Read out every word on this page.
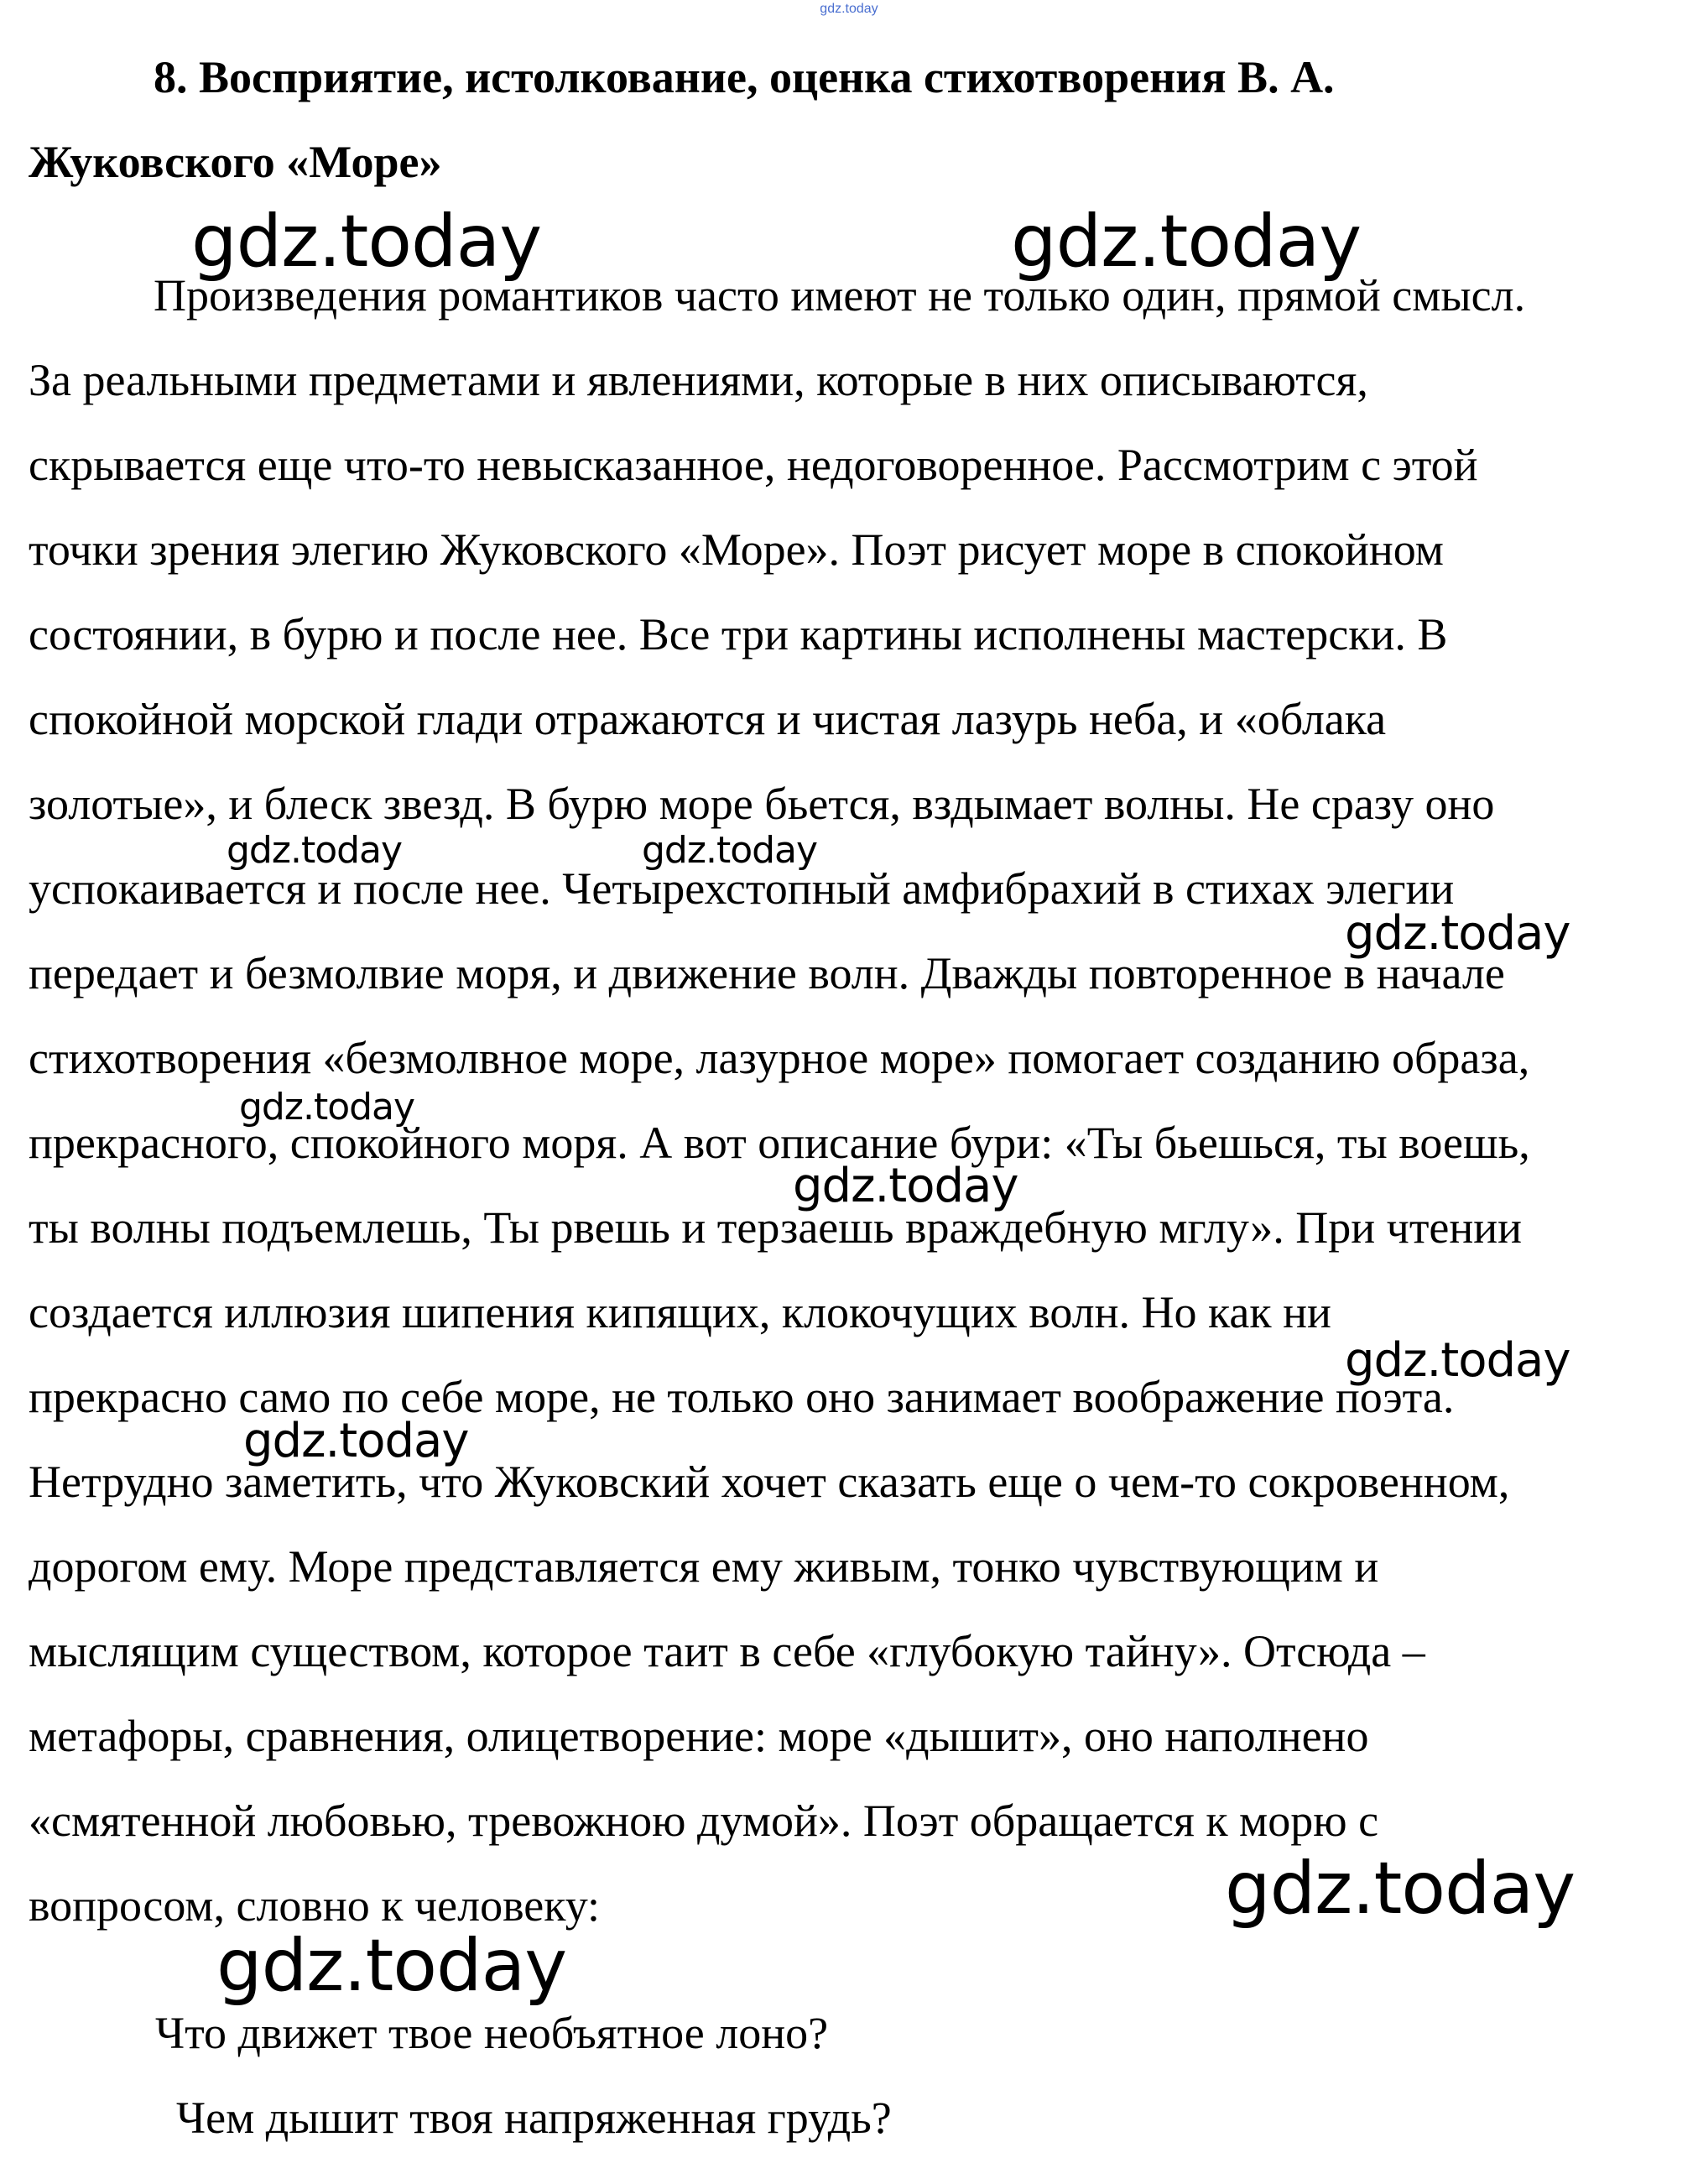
gdz.today
8. Восприятие, истолкование, оценка стихотворения В. А.
Жуковского «Море»
Произведения романтиков часто имеют не только один, прямой смысл.
За реальными предметами и явлениями, которые в них описываются,
скрывается еще что-то невысказанное, недоговоренное. Рассмотрим с этой
точки зрения элегию Жуковского «Море». Поэт рисует море в спокойном
состоянии, в бурю и после нее. Все три картины исполнены мастерски. В
спокойной морской глади отражаются и чистая лазурь неба, и «облака
золотые», и блеск звезд. В бурю море бьется, вздымает волны. Не сразу оно
успокаивается и после нее. Четырехстопный амфибрахий в стихах элегии
передает и безмолвие моря, и движение волн. Дважды повторенное в начале
стихотворения «безмолвное море, лазурное море» помогает созданию образа,
прекрасного, спокойного моря. А вот описание бури: «Ты бьешься, ты воешь,
ты волны подъемлешь, Ты рвешь и терзаешь враждебную мглу». При чтении
создается иллюзия шипения кипящих, клокочущих волн. Но как ни
прекрасно само по себе море, не только оно занимает воображение поэта.
Нетрудно заметить, что Жуковский хочет сказать еще о чем-то сокровенном,
дорогом ему. Море представляется ему живым, тонко чувствующим и
мыслящим существом, которое таит в себе «глубокую тайну». Отсюда –
метафоры, сравнения, олицетворение: море «дышит», оно наполнено
«смятенной любовью, тревожною думой». Поэт обращается к морю с
вопросом, словно к человеку:
Что движет твое необъятное лоно?
Чем дышит твоя напряженная грудь?
gdz.today	gdz.today
gdz.today	gdz.today
gdz.today
gdz.today
gdz.today
gdz.today
gdz.today
gdz.today
gdz.today
